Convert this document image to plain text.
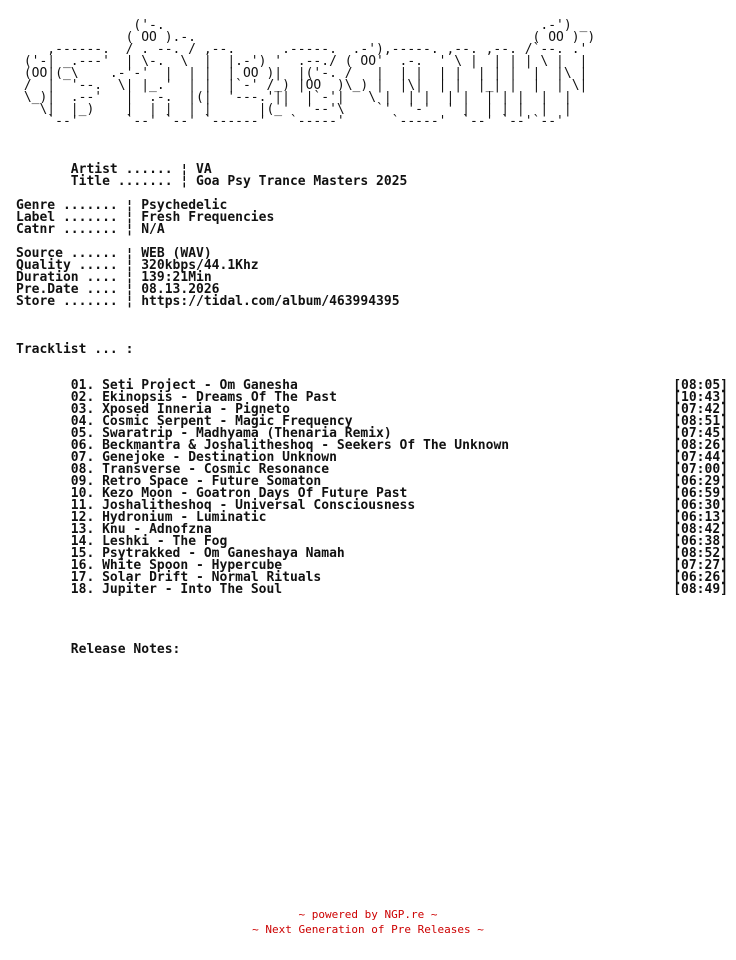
('-.                                                .-') _
( OO ).-.                                           ( OO ) )
,------.  / . --. / ,--.      .-----.  .-'),-----. ,--. ,--. /`--. .'
('-| _.---'  | \-.  \  |  |.-') '  .--./ ( OO'  .-.  ' \ |  | | | \ |  |
(OO|(_\    .-'-'  |  | |  | OO )|  |('-. /   |  | |  | |  | | |  |  |\ |
/  |  '--.  \| |_.'  | |  |`-' /_) |OO  )\_) |  |\|  | |  |_| |  |  | \|
\_)|  .--'   |  .-.  |(|  '---.'||  |`-'|   \ |  | |  | |  | | |  |  |
\|  |_)    |  | |  | |      |(_'  '--'\    `'  '-'  ' |  | | |  |  |
`--'      `--' `--' `------'   `-----'      `-----'  `--' `--'`--'

Artist ...... ¦ VA
Title ....... ¦ Goa Psy Trance Masters 2025

Genre ....... ¦ Psychedelic
Label ....... ¦ Fresh Frequencies
Catnr ....... ¦ N/A

Source ...... ¦ WEB (WAV)
Quality ..... ¦ 320kbps/44.1Khz
Duration .... ¦ 139:21Min
Pre.Date .... ¦ 08.13.2026
Store ....... ¦ https://tidal.com/album/463994395

Tracklist ... :

01. Seti Project - Om Ganesha	[08:05]
02. Ekinopsis - Dreams Of The Past	[10:43]
03. Xposed Inneria - Pigneto	[07:42]
04. Cosmic Serpent - Magic Frequency	[08:51]
05. Swaratrip - Madhyama (Thenaria Remix)	[07:45]
06. Beckmantra & Joshalitheshoq - Seekers Of The Unknown	[08:26]
07. Genejoke - Destination Unknown	[07:44]
08. Transverse - Cosmic Resonance	[07:00]
09. Retro Space - Future Somaton	[06:29]
10. Kezo Moon - Goatron Days Of Future Past	[06:59]
11. Joshalitheshoq - Universal Consciousness	[06:30]
12. Hydronium - Luminatic	[06:13]
13. Knu - Adnofzna	[08:42]
14. Leshki - The Fog	[06:38]
15. Psytrakked - Om Ganeshaya Namah	[08:52]
16. White Spoon - Hypercube	[07:27]
17. Solar Drift - Normal Rituals	[06:26]
18. Jupiter - Into The Soul	[08:49]

Release Notes:
~ powered by NGP.re ~
~ Next Generation of Pre Releases ~
